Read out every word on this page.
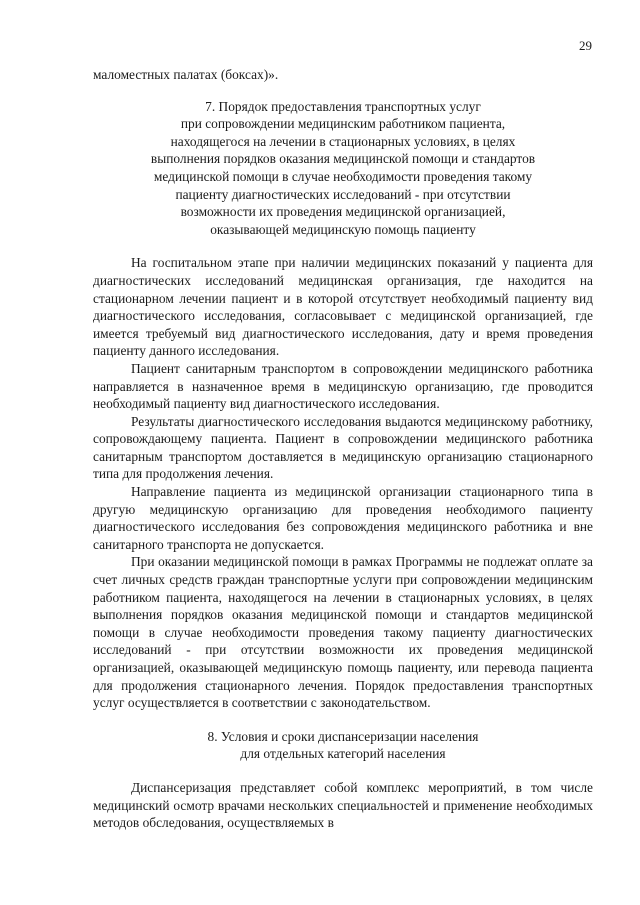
29

маломестных палатах (боксах)».

7. Порядок предоставления транспортных услуг
при сопровождении медицинским работником пациента,
находящегося на лечении в стационарных условиях, в целях
выполнения порядков оказания медицинской помощи и стандартов
медицинской помощи в случае необходимости проведения такому
пациенту диагностических исследований - при отсутствии
возможности их проведения медицинской организацией,
оказывающей медицинскую помощь пациенту

На госпитальном этапе при наличии медицинских показаний у пациента для диагностических исследований медицинская организация, где находится на стационарном лечении пациент и в которой отсутствует необходимый пациенту вид диагностического исследования, согласовывает с медицинской организацией, где имеется требуемый вид диагностического исследования, дату и время проведения пациенту данного исследования.

Пациент санитарным транспортом в сопровождении медицинского работника направляется в назначенное время в медицинскую организацию, где проводится необходимый пациенту вид диагностического исследования.

Результаты диагностического исследования выдаются медицинскому работнику, сопровождающему пациента. Пациент в сопровождении медицинского работника санитарным транспортом доставляется в медицинскую организацию стационарного типа для продолжения лечения.

Направление пациента из медицинской организации стационарного типа в другую медицинскую организацию для проведения необходимого пациенту диагностического исследования без сопровождения медицинского работника и вне санитарного транспорта не допускается.

При оказании медицинской помощи в рамках Программы не подлежат оплате за счет личных средств граждан транспортные услуги при сопровождении медицинским работником пациента, находящегося на лечении в стационарных условиях, в целях выполнения порядков оказания медицинской помощи и стандартов медицинской помощи в случае необходимости проведения такому пациенту диагностических исследований - при отсутствии возможности их проведения медицинской организацией, оказывающей медицинскую помощь пациенту, или перевода пациента для продолжения стационарного лечения. Порядок предоставления транспортных услуг осуществляется в соответствии с законодательством.

8. Условия и сроки диспансеризации населения
для отдельных категорий населения

Диспансеризация представляет собой комплекс мероприятий, в том числе медицинский осмотр врачами нескольких специальностей и применение необходимых методов обследования, осуществляемых в
